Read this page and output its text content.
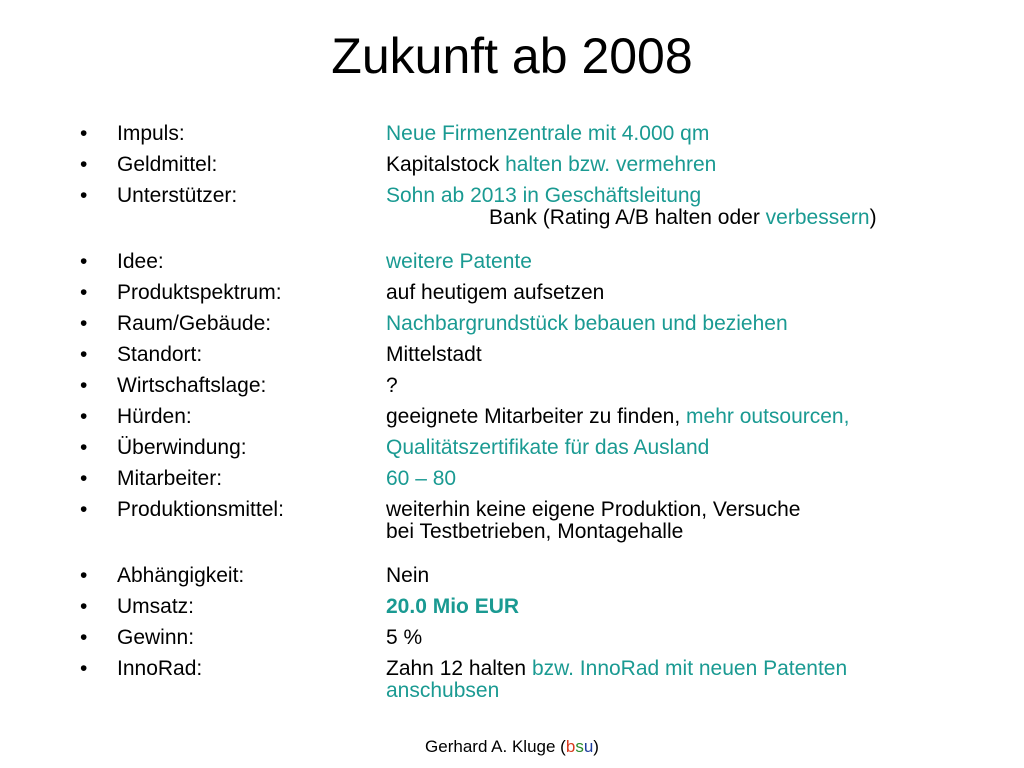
Zukunft ab 2008
• Impuls:	Neue Firmenzentrale mit 4.000 qm
• Geldmittel:	Kapitalstock halten bzw. vermehren
• Unterstützer:	Sohn ab 2013 in Geschäftsleitung
Bank (Rating A/B halten oder verbessern)
• Idee:	weitere Patente
• Produktspektrum:	auf heutigem aufsetzen
• Raum/Gebäude:	Nachbargrundstück bebauen und beziehen
• Standort:	Mittelstadt
• Wirtschaftslage:	?
• Hürden:	geeignete Mitarbeiter zu finden, mehr outsourcen,
• Überwindung:	Qualitätszertifikate für das Ausland
• Mitarbeiter:	60 – 80
• Produktionsmittel:	weiterhin keine eigene Produktion, Versuche
bei Testbetrieben, Montagehalle
• Abhängigkeit:	Nein
• Umsatz:	20.0 Mio EUR
• Gewinn:	5 %
• InnoRad:	Zahn 12 halten bzw. InnoRad mit neuen Patenten
anschubsen
Gerhard A. Kluge (bsu)
